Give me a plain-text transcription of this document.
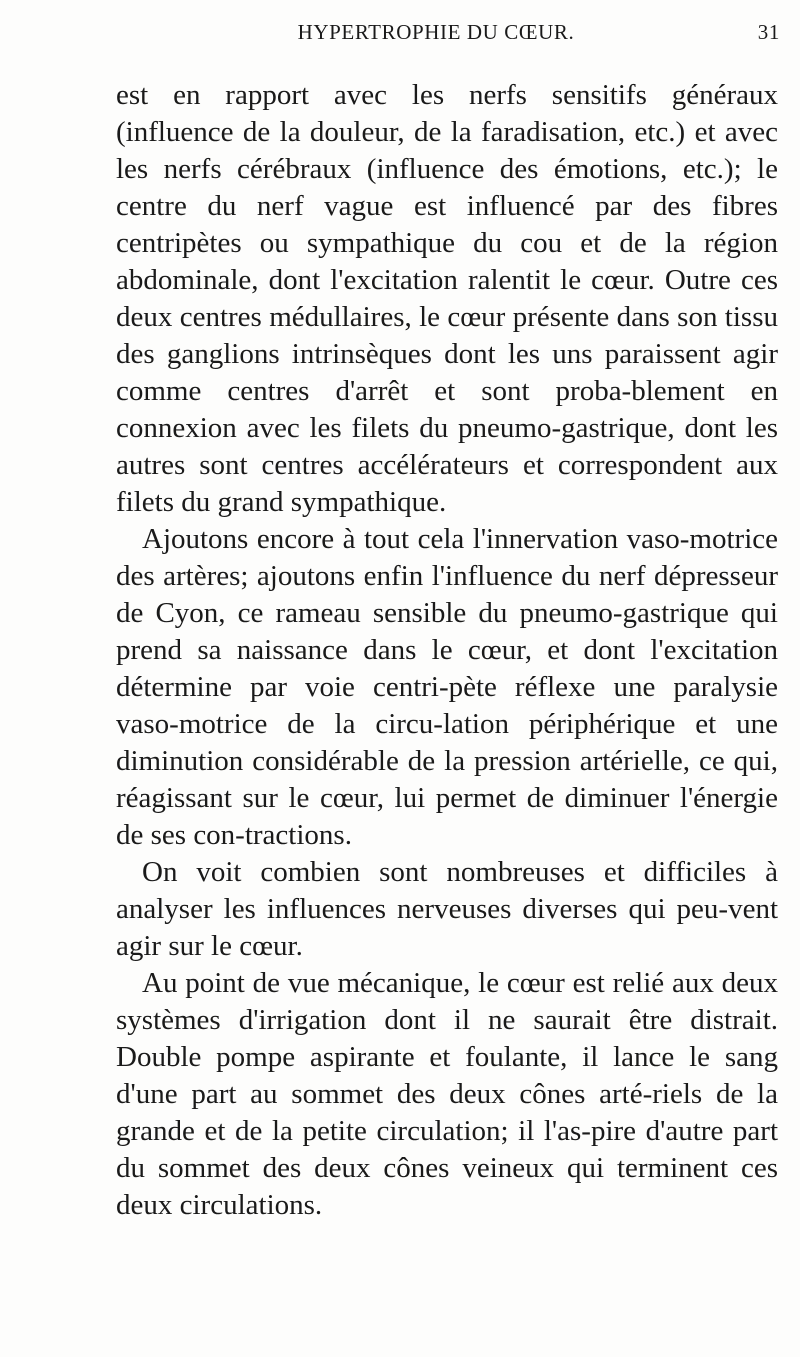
HYPERTROPHIE DU CŒUR.	31

est en rapport avec les nerfs sensitifs généraux (influence de la douleur, de la faradisation, etc.) et avec les nerfs cérébraux (influence des émotions, etc.); le centre du nerf vague est influencé par des fibres centripètes ou sympathique du cou et de la région abdominale, dont l'excitation ralentit le cœur. Outre ces deux centres médullaires, le cœur présente dans son tissu des ganglions intrinsèques dont les uns paraissent agir comme centres d'arrêt et sont proba-blement en connexion avec les filets du pneumo-gastrique, dont les autres sont centres accélérateurs et correspondent aux filets du grand sympathique.

Ajoutons encore à tout cela l'innervation vaso-motrice des artères; ajoutons enfin l'influence du nerf dépresseur de Cyon, ce rameau sensible du pneumo-gastrique qui prend sa naissance dans le cœur, et dont l'excitation détermine par voie centri-pète réflexe une paralysie vaso-motrice de la circu-lation périphérique et une diminution considérable de la pression artérielle, ce qui, réagissant sur le cœur, lui permet de diminuer l'énergie de ses con-tractions.

On voit combien sont nombreuses et difficiles à analyser les influences nerveuses diverses qui peu-vent agir sur le cœur.

Au point de vue mécanique, le cœur est relié aux deux systèmes d'irrigation dont il ne saurait être distrait. Double pompe aspirante et foulante, il lance le sang d'une part au sommet des deux cônes arté-riels de la grande et de la petite circulation; il l'as-pire d'autre part du sommet des deux cônes veineux qui terminent ces deux circulations.
